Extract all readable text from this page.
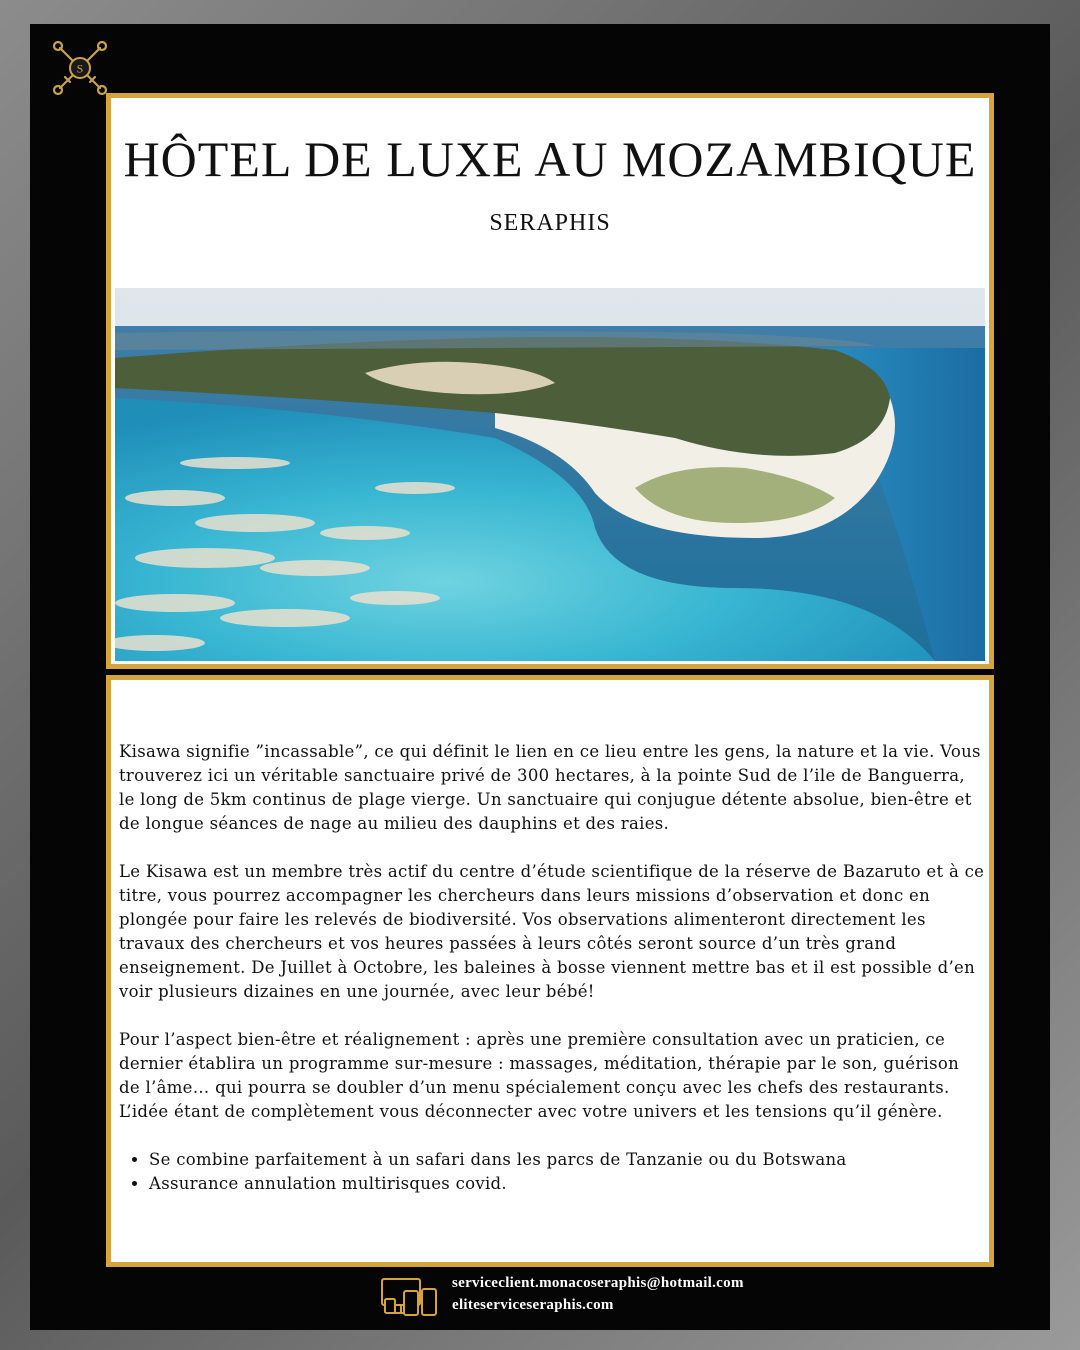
S
HÔTEL DE LUXE AU MOZAMBIQUE
SERAPHIS

Kisawa signifie ”incassable”, ce qui définit le lien en ce lieu entre les gens, la nature et la vie. Vous trouverez ici un véritable sanctuaire privé de 300 hectares, à la pointe Sud de l’ile de Banguerra, le long de 5km continus de plage vierge. Un sanctuaire qui conjugue détente absolue, bien-être et de longue séances de nage au milieu des dauphins et des raies.

Le Kisawa est un membre très actif du centre d’étude scientifique de la réserve de Bazaruto et à ce titre, vous pourrez accompagner les chercheurs dans leurs missions d’observation et donc en plongée pour faire les relevés de biodiversité. Vos observations alimenteront directement les travaux des chercheurs et vos heures passées à leurs côtés seront source d’un très grand enseignement. De Juillet à Octobre, les baleines à bosse viennent mettre bas et il est possible d’en voir plusieurs dizaines en une journée, avec leur bébé!

Pour l’aspect bien-être et réalignement : après une première consultation avec un praticien, ce dernier établira un programme sur-mesure : massages, méditation, thérapie par le son, guérison de l’âme… qui pourra se doubler d’un menu spécialement conçu avec les chefs des restaurants. L’idée étant de complètement vous déconnecter avec votre univers et les tensions qu’il génère.

• Se combine parfaitement à un safari dans les parcs de Tanzanie ou du Botswana
• Assurance annulation multirisques covid.
serviceclient.monacoseraphis@hotmail.com
eliteserviceseraphis.com
